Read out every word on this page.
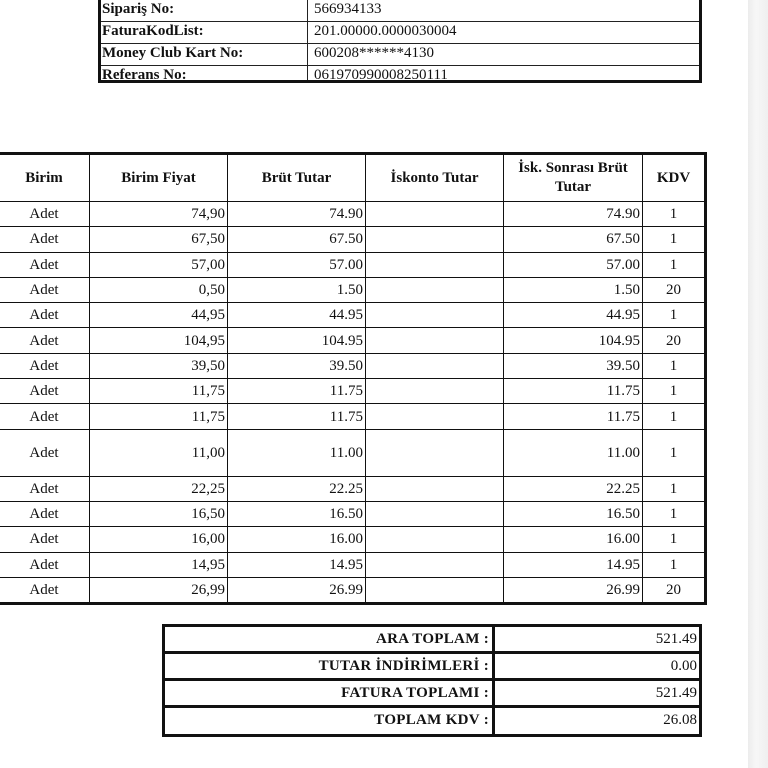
Sipariş No:	566934133
FaturaKodList:	201.00000.0000030004
Money Club Kart No:	600208******4130
Referans No:	061970990008250111
Birim	Birim Fiyat	Brüt Tutar	İskonto Tutar	İsk. Sonrası Brüt Tutar	KDV
Adet	74,90	74.90		74.90	1
Adet	67,50	67.50		67.50	1
Adet	57,00	57.00		57.00	1
Adet	0,50	1.50		1.50	20
Adet	44,95	44.95		44.95	1
Adet	104,95	104.95		104.95	20
Adet	39,50	39.50		39.50	1
Adet	11,75	11.75		11.75	1
Adet	11,75	11.75		11.75	1
Adet	11,00	11.00		11.00	1
Adet	22,25	22.25		22.25	1
Adet	16,50	16.50		16.50	1
Adet	16,00	16.00		16.00	1
Adet	14,95	14.95		14.95	1
Adet	26,99	26.99		26.99	20
ARA TOPLAM :	521.49
TUTAR İNDİRİMLERİ :	0.00
FATURA TOPLAMI :	521.49
TOPLAM KDV :	26.08
